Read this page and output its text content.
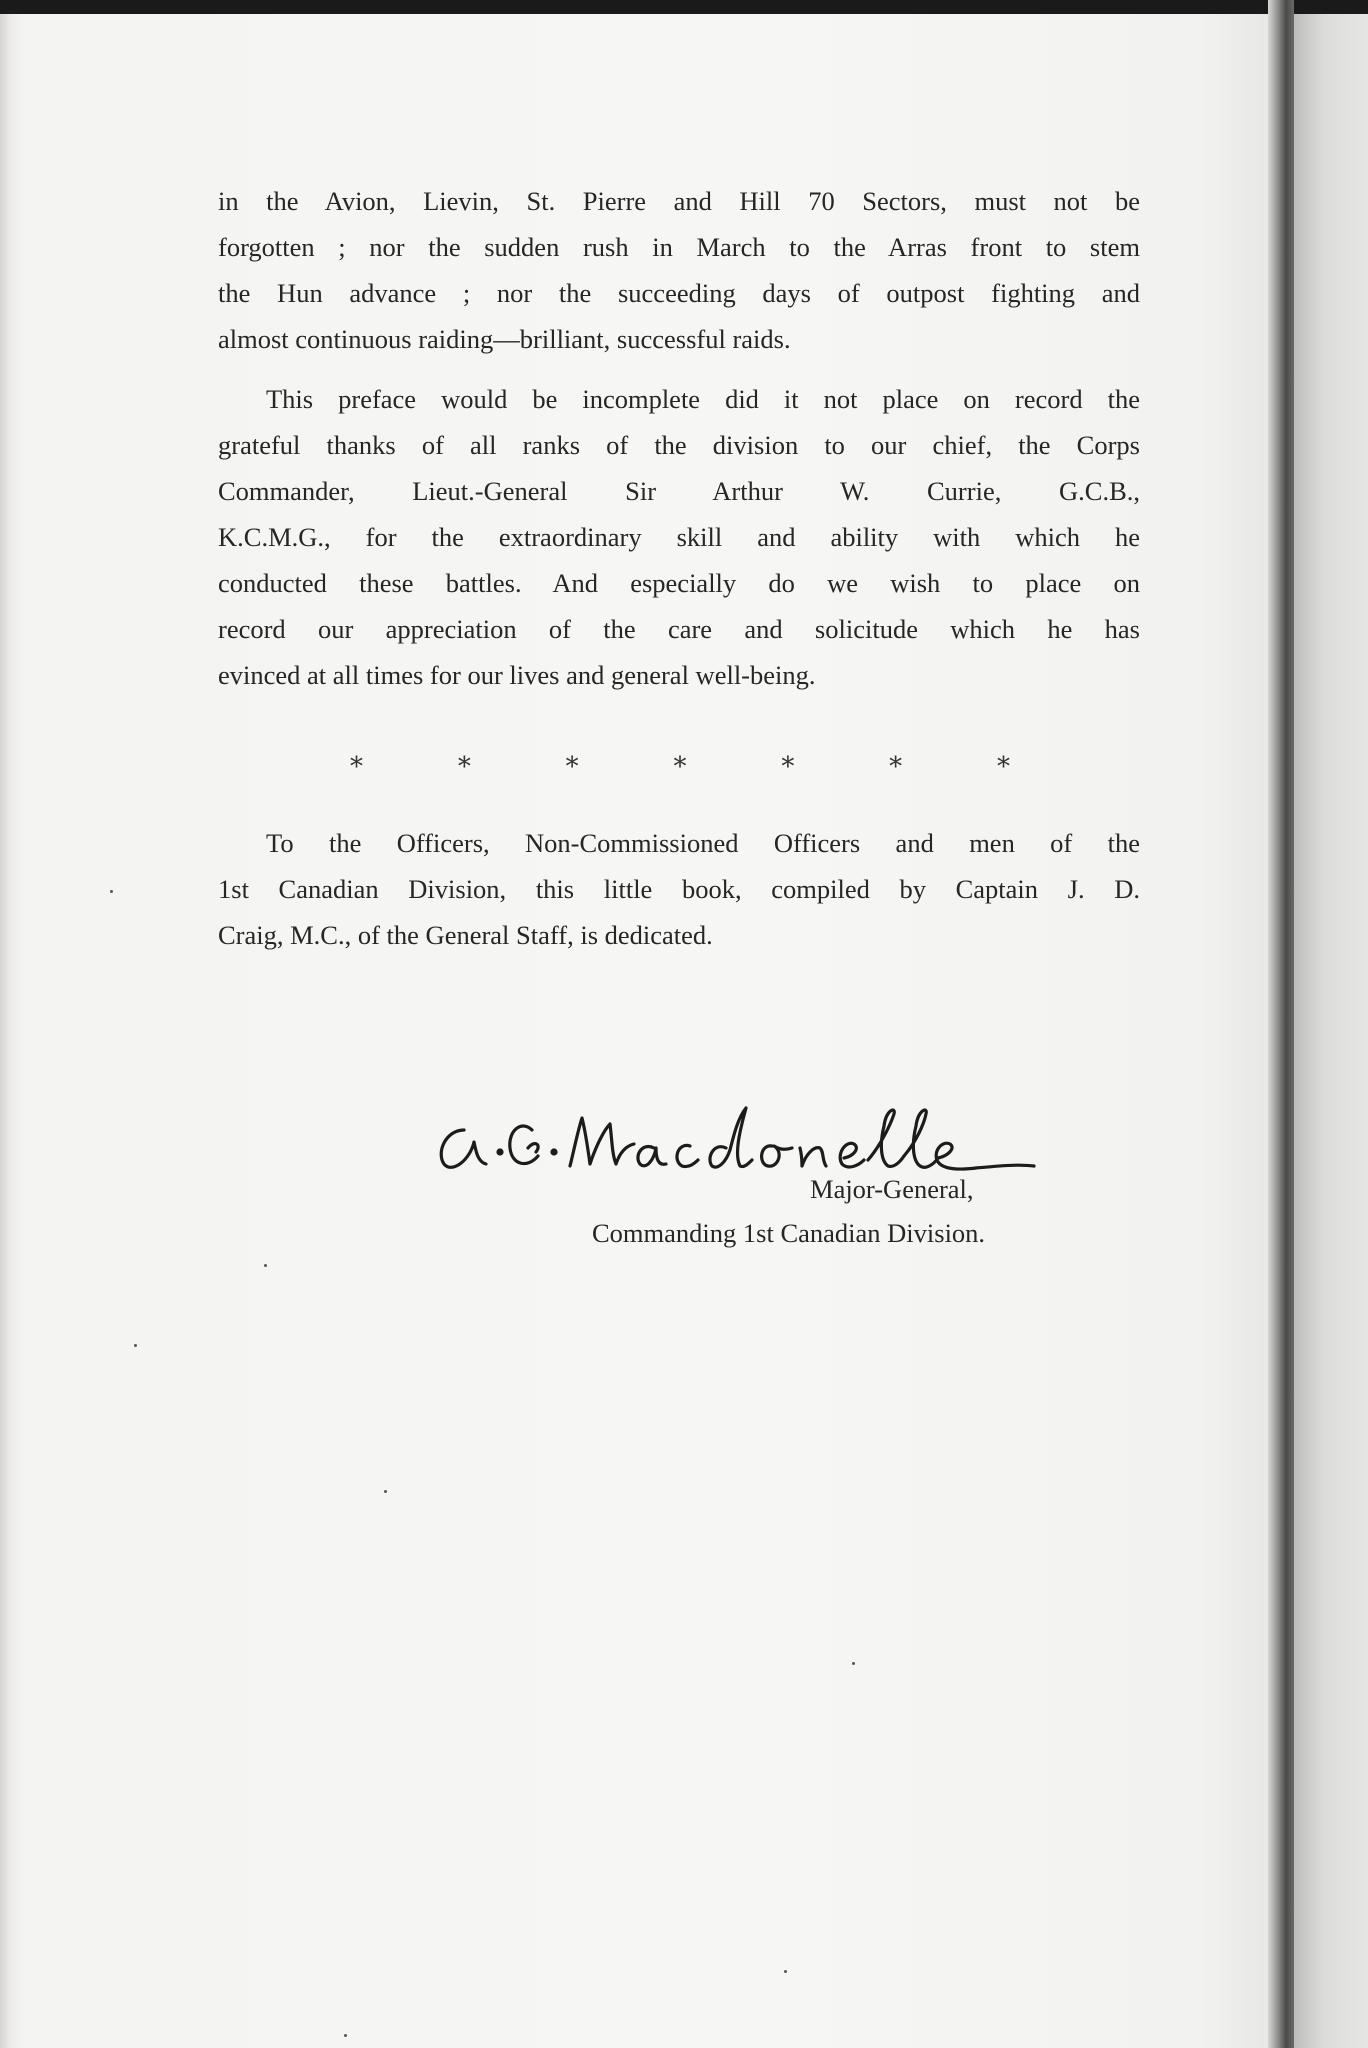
in the Avion, Lievin, St. Pierre and Hill 70 Sectors, must not be
forgotten ; nor the sudden rush in March to the Arras front to stem
the Hun advance ; nor the succeeding days of outpost fighting and
almost continuous raiding—brilliant, successful raids.
This preface would be incomplete did it not place on record the
grateful thanks of all ranks of the division to our chief, the Corps
Commander, Lieut.-General Sir Arthur W. Currie, G.C.B.,
K.C.M.G., for the extraordinary skill and ability with which he
conducted these battles. And especially do we wish to place on
record our appreciation of the care and solicitude which he has
evinced at all times for our lives and general well-being.
*	*	*	*	*	*	*
To the Officers, Non-Commissioned Officers and men of the
1st Canadian Division, this little book, compiled by Captain J. D.
Craig, M.C., of the General Staff, is dedicated.
Major-General,
Commanding 1st Canadian Division.
